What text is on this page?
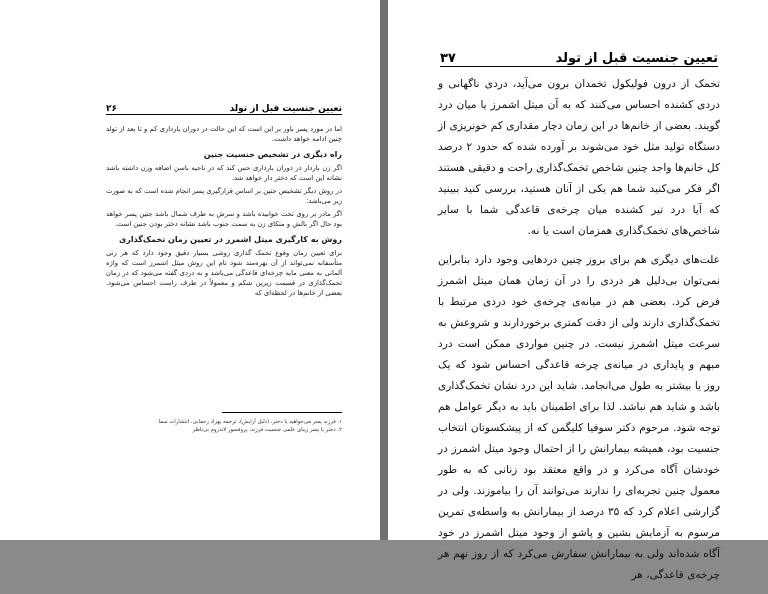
تعیین جنسیت قبل از تولد
۲۶

اما در مورد پسر باور بر این است که این حالت در دوران بارداری کم و تا بعد از تولد چنین ادامه خواهد داشت.

راه دیگری در تشخیص جنسیت جنین

اگر زن باردار در دوران بارداری حس کند که در ناحیه باسن اضافه وزن داشته باشد نشانه این است که دختر دار خواهد شد.

در روش دیگر تشخیص جنین بر اساس قرارگیری پسر انجام شده است که به صورت زیر می‌باشد:

اگر مادر بر روی تخت خوابیده باشد و سرش به طرف شمال باشد جنین پسر خواهد بود حال اگر بالش و متکای زن به سمت جنوب باشد نشانه دختر بودن جنین است.

روش به کارگیری میتل اشمرز در تعیین زمان تخمک‌گذاری

برای تعیین زمان وقوع تخمک گذاری روشی بسیار دقیق وجود دارد که هر زنی متأسفانه نمی‌تواند از آن بهره‌مند شود نام این روش میتل اشمرز است که واژه آلمانی به معنی مایه چرخه‌ای قاعدگی می‌باشد و به دردی گفته می‌شود که در زمان تخمک‌گذاری در قسمت زیرین شکم و معمولاً در طرف راست احساس می‌شود. بعضی از خانم‌ها در لحظه‌ای که

۱. فرزند پسر می‌خواهید یا دختر، (دلیل آرایش)، ترجمه بهزاد رحمانی، انتشارات سما
۲. دختر یا پسر زیبای علمی جنسیت فرزند، پروفسور لاندروم بی‌ناظر
تعیین جنسیت قبل از تولد
۳۷

تخمک از درون فولیکول تخمدان برون می‌آید، دردی ناگهانی و دردی کشنده احساس می‌کنند که به آن میتل اشمرز یا میان درد گویند. بعضی از خانم‌ها در این زمان دچار مقداری کم خونریزی از دستگاه تولید مثل خود می‌شوند بر آورده شده که حدود ۲ درصد کل خانم‌ها واجد چنین شاخص تخمک‌گذاری راحت و دقیقی هستند اگر فکر می‌کنید شما هم یکی از آنان هستید، بررسی کنید ببینید که آیا درد تیر کشنده میان چرخه‌ی قاعدگی شما با سایر شاخص‌های تخمک‌گذاری همزمان است یا نه.

علت‌های دیگری هم برای بروز چنین دردهایی وجود دارد بنابراین نمی‌توان بی‌دلیل هر دردی را در آن زمان همان میتل اشمرز فرض کرد. بعضی هم در میانه‌ی چرخه‌ی خود دردی مرتبط با تخمک‌گذاری دارند ولی از دقت کمتری برخوردارند و شروعش به سرعت میتل اشمرز نیست. در چنین مواردی ممکن است درد مبهم و پایداری در میانه‌ی چرخه قاعدگی احساس شود که یک روز یا بیشتر به طول می‌انجامد. شاید این درد نشان تخمک‌گذاری باشد و شاید هم نباشد. لذا برای اطمینان باید به دیگر عوامل هم توجه شود. مرحوم دکتر سوفیا کلیگمن که از پیشکسوتان انتخاب جنسیت بود، همیشه بیمارانش را از احتمال وجود میتل اشمرز در خودشان آگاه می‌کرد و در واقع معتقد بود زنانی که به طور معمول چنین تجربه‌ای را ندارند می‌توانند آن را بیاموزند. ولی در گزارشی اعلام کرد که ۳۵ درصد از بیمارانش به واسطه‌ی تمرین مرسوم به آزمایش بشین و پاشو از وجود میتل اشمرز در خود آگاه شده‌اند ولی به بیمارانش سفارش می‌کرد که از روز نهم هر چرخه‌ی قاعدگی، هر
